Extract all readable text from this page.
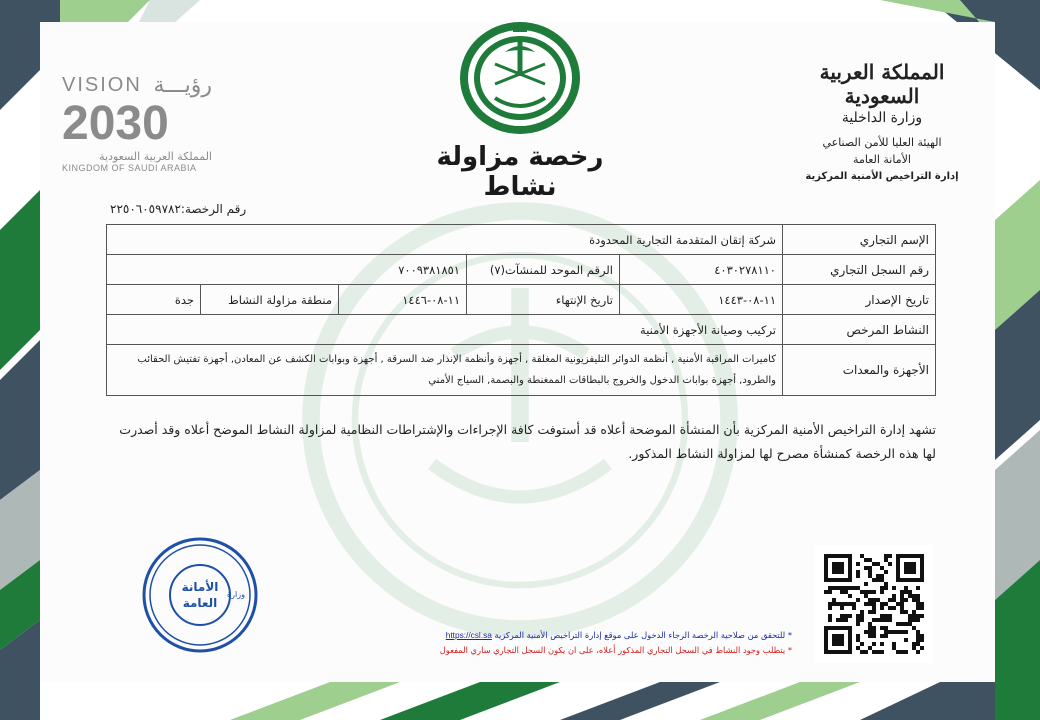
رخصة مزاولة نشاط
VISION رؤيـــة
2030
المملكة العربية السعودية
KINGDOM OF SAUDI ARABIA
المملكة العربية السعودية
وزارة الداخلية
الهيئة العليا للأمن الصناعي
الأمانة العامة
إدارة التراخيص الأمنية المركزية
رقم الرخصة:٢٢٥٠٦٠٥٩٧٨٢
الإسم التجاري	شركة إتقان المتقدمة التجارية المحدودة				
رقم السجل التجاري	٤٠٣٠٢٧٨١١٠	الرقم الموحد للمنشآت(٧)	٧٠٠٩٣٨١٨٥١		
تاريخ الإصدار	١١-٠٨-١٤٤٣	تاريخ الإنتهاء	١١-٠٨-١٤٤٦	منطقة مزاولة النشاط	جدة
النشاط المرخص	تركيب وصيانة الأجهزة الأمنية				
الأجهزة والمعدات	كاميرات المراقبة الأمنية , أنظمة الدوائر التليفزيونية المغلقة , أجهزة وأنظمة الإنذار ضد السرقة , أجهزة وبوابات الكشف عن المعادن, أجهزة تفتيش الحقائب والطرود, أجهزة بوابات الدخول والخروج بالبطاقات الممغنطة والبصمة, السياج الأمني				
تشهد إدارة التراخيص الأمنية المركزية بأن المنشأة الموضحة أعلاه قد أستوفت كافة الإجراءات والإشتراطات النظامية لمزاولة النشاط الموضح أعلاه وقد أصدرت لها هذه الرخصة كمنشأة مصرح لها لمزاولة النشاط المذكور.
الأمانة
العامة
وزارة
* للتحقق من صلاحية الرخصة الرجاء الدخول على موقع إدارة التراخيص الأمنية المركزية https://csl.sa
* يتطلب وجود النشاط في السجل التجاري المذكور أعلاه، على ان يكون السجل التجاري ساري المفعول
